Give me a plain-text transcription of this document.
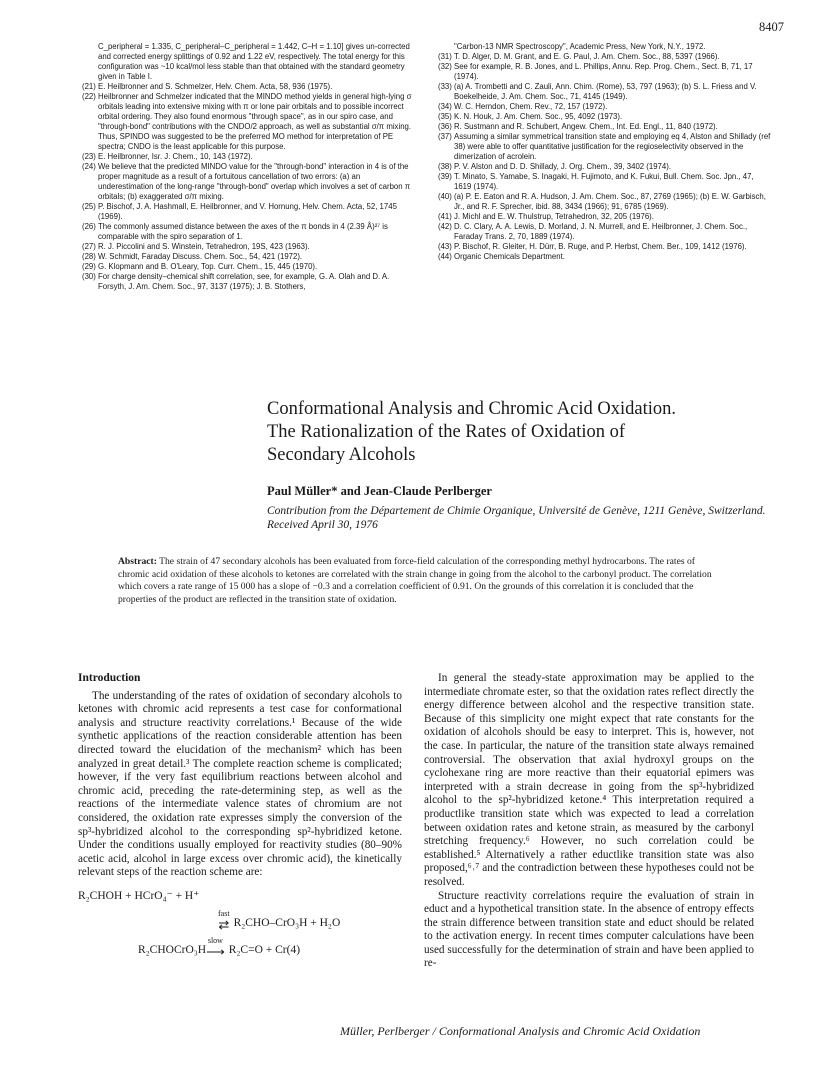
8407
C_peripheral = 1.335, C_peripheral–C_peripheral = 1.442, C–H = 1.10] gives un-corrected and corrected energy splittings of 0.92 and 1.22 eV, respectively. The total energy for this configuration was ~10 kcal/mol less stable than that obtained with the standard geometry given in Table I.
(21) E. Heilbronner and S. Schmelzer, Helv. Chem. Acta, 58, 936 (1975).
(22) Heilbronner and Schmelzer indicated that the MINDO method yields in general high-lying σ orbitals leading into extensive mixing with π or lone pair orbitals and to possible incorrect orbital ordering. They also found enormous "through space", as in our spiro case, and "through-bond" contributions with the CNDO/2 approach, as well as substantial σ/π mixing. Thus, SPINDO was suggested to be the preferred MO method for interpretation of PE spectra; CNDO is the least applicable for this purpose.
(23) E. Heilbronner, Isr. J. Chem., 10, 143 (1972).
(24) We believe that the predicted MINDO value for the "through-bond" interaction in 4 is of the proper magnitude as a result of a fortuitous cancellation of two errors: (a) an underestimation of the long-range "through-bond" overlap which involves a set of carbon π orbitals; (b) exaggerated σ/π mixing.
(25) P. Bischof, J. A. Hashmall, E. Heilbronner, and V. Hornung, Helv. Chem. Acta, 52, 1745 (1969).
(26) The commonly assumed distance between the axes of the π bonds in 4 (2.39 Å)²⁷ is comparable with the spiro separation of 1.
(27) R. J. Piccolini and S. Winstein, Tetrahedron, 19S, 423 (1963).
(28) W. Schmidt, Faraday Discuss. Chem. Soc., 54, 421 (1972).
(29) G. Klopmann and B. O'Leary, Top. Curr. Chem., 15, 445 (1970).
(30) For charge density–chemical shift correlation, see, for example, G. A. Olah and D. A. Forsyth, J. Am. Chem. Soc., 97, 3137 (1975); J. B. Stothers,
"Carbon-13 NMR Spectroscopy", Academic Press, New York, N.Y., 1972.
(31) T. D. Alger, D. M. Grant, and E. G. Paul, J. Am. Chem. Soc., 88, 5397 (1966).
(32) See for example, R. B. Jones, and L. Phillips, Annu. Rep. Prog. Chem., Sect. B, 71, 17 (1974).
(33) (a) A. Trombetti and C. Zauli, Ann. Chim. (Rome), 53, 797 (1963); (b) S. L. Friess and V. Boekelheide, J. Am. Chem. Soc., 71, 4145 (1949).
(34) W. C. Herndon, Chem. Rev., 72, 157 (1972).
(35) K. N. Houk, J. Am. Chem. Soc., 95, 4092 (1973).
(36) R. Sustmann and R. Schubert, Angew. Chem., Int. Ed. Engl., 11, 840 (1972).
(37) Assuming a similar symmetrical transition state and employing eq 4, Alston and Shillady (ref 38) were able to offer quantitative justification for the regioselectivity observed in the dimerization of acrolein.
(38) P. V. Alston and D. D. Shillady, J. Org. Chem., 39, 3402 (1974).
(39) T. Minato, S. Yamabe, S. Inagaki, H. Fujimoto, and K. Fukui, Bull. Chem. Soc. Jpn., 47, 1619 (1974).
(40) (a) P. E. Eaton and R. A. Hudson, J. Am. Chem. Soc., 87, 2769 (1965); (b) E. W. Garbisch, Jr., and R. F. Sprecher, ibid. 88, 3434 (1966); 91, 6785 (1969).
(41) J. Michl and E. W. Thulstrup, Tetrahedron, 32, 205 (1976).
(42) D. C. Clary, A. A. Lewis, D. Morland, J. N. Murrell, and E. Heilbronner, J. Chem. Soc., Faraday Trans. 2, 70, 1889 (1974).
(43) P. Bischof, R. Gleiter, H. Dürr, B. Ruge, and P. Herbst, Chem. Ber., 109, 1412 (1976).
(44) Organic Chemicals Department.
Conformational Analysis and Chromic Acid Oxidation.
The Rationalization of the Rates of Oxidation of
Secondary Alcohols
Paul Müller* and Jean-Claude Perlberger
Contribution from the Département de Chimie Organique, Université de Genève, 1211 Genève, Switzerland. Received April 30, 1976
Abstract: The strain of 47 secondary alcohols has been evaluated from force-field calculation of the corresponding methyl hydrocarbons. The rates of chromic acid oxidation of these alcohols to ketones are correlated with the strain change in going from the alcohol to the carbonyl product. The correlation which covers a rate range of 15 000 has a slope of −0.3 and a correlation coefficient of 0.91. On the grounds of this correlation it is concluded that the properties of the product are reflected in the transition state of oxidation.
Introduction

The understanding of the rates of oxidation of secondary alcohols to ketones with chromic acid represents a test case for conformational analysis and structure reactivity correlations.¹ Because of the wide synthetic applications of the reaction considerable attention has been directed toward the elucidation of the mechanism² which has been analyzed in great detail.³ The complete reaction scheme is complicated; however, if the very fast equilibrium reactions between alcohol and chromic acid, preceding the rate-determining step, as well as the reactions of the intermediate valence states of chromium are not considered, the oxidation rate expresses simply the conversion of the sp³-hybridized alcohol to the corresponding sp²-hybridized ketone. Under the conditions usually employed for reactivity studies (80–90% acetic acid, alcohol in large excess over chromic acid), the kinetically relevant steps of the reaction scheme are:

R₂CHOH + HCrO₄⁻ + H⁺
fast
⇄ R₂CHO–CrO₃H + H₂O
R₂CHOCrO₃H
slow
⟶ R₂C=O + Cr(4)

In general the steady-state approximation may be applied to the intermediate chromate ester, so that the oxidation rates reflect directly the energy difference between alcohol and the respective transition state. Because of this simplicity one might expect that rate constants for the oxidation of alcohols should be easy to interpret. This is, however, not the case. In particular, the nature of the transition state always remained controversial. The observation that axial hydroxyl groups on the cyclohexane ring are more reactive than their equatorial epimers was interpreted with a strain decrease in going from the sp³-hybridized alcohol to the sp²-hybridized ketone.⁴ This interpretation required a productlike transition state which was expected to lead a correlation between oxidation rates and ketone strain, as measured by the carbonyl stretching frequency.⁶ However, no such correlation could be established.⁵ Alternatively a rather eductlike transition state was also proposed,⁶˒⁷ and the contradiction between these hypotheses could not be resolved.

Structure reactivity correlations require the evaluation of strain in educt and a hypothetical transition state. In the absence of entropy effects the strain difference between transition state and educt should be related to the activation energy. In recent times computer calculations have been used successfully for the determination of strain and have been applied to re-

Müller, Perlberger / Conformational Analysis and Chromic Acid Oxidation
